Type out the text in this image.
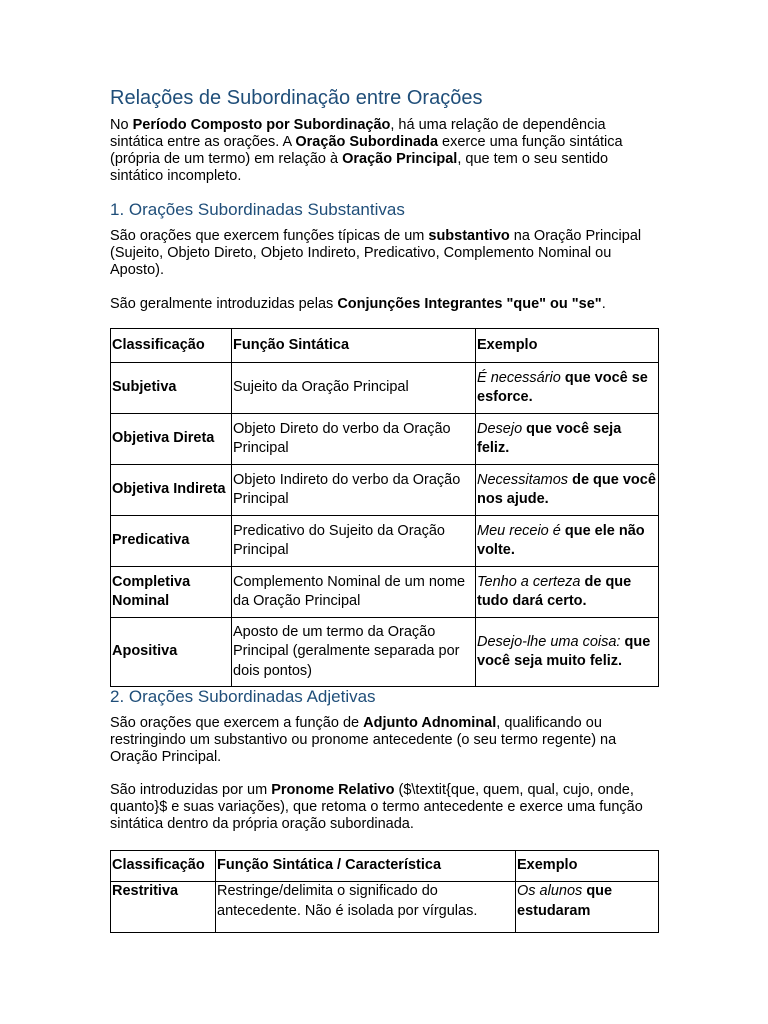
Relações de Subordinação entre Orações

No Período Composto por Subordinação, há uma relação de dependência sintática entre as orações. A Oração Subordinada exerce uma função sintática (própria de um termo) em relação à Oração Principal, que tem o seu sentido sintático incompleto.

1. Orações Subordinadas Substantivas

São orações que exercem funções típicas de um substantivo na Oração Principal (Sujeito, Objeto Direto, Objeto Indireto, Predicativo, Complemento Nominal ou Aposto).

São geralmente introduzidas pelas Conjunções Integrantes "que" ou "se".

Classificação	Função Sintática	Exemplo
Subjetiva	Sujeito da Oração Principal	É necessário que você se esforce.
Objetiva Direta	Objeto Direto do verbo da Oração Principal	Desejo que você seja feliz.
Objetiva Indireta	Objeto Indireto do verbo da Oração Principal	Necessitamos de que você nos ajude.
Predicativa	Predicativo do Sujeito da Oração Principal	Meu receio é que ele não volte.
Completiva Nominal	Complemento Nominal de um nome da Oração Principal	Tenho a certeza de que tudo dará certo.
Apositiva	Aposto de um termo da Oração Principal (geralmente separada por dois pontos)	Desejo-lhe uma coisa: que você seja muito feliz.
2. Orações Subordinadas Adjetivas

São orações que exercem a função de Adjunto Adnominal, qualificando ou restringindo um substantivo ou pronome antecedente (o seu termo regente) na Oração Principal.

São introduzidas por um Pronome Relativo ($\textit{que, quem, qual, cujo, onde, quanto}$ e suas variações), que retoma o termo antecedente e exerce uma função sintática dentro da própria oração subordinada.

Classificação	Função Sintática / Característica	Exemplo
Restritiva	Restringe/delimita o significado do antecedente. Não é isolada por vírgulas.	Os alunos que estudaram
